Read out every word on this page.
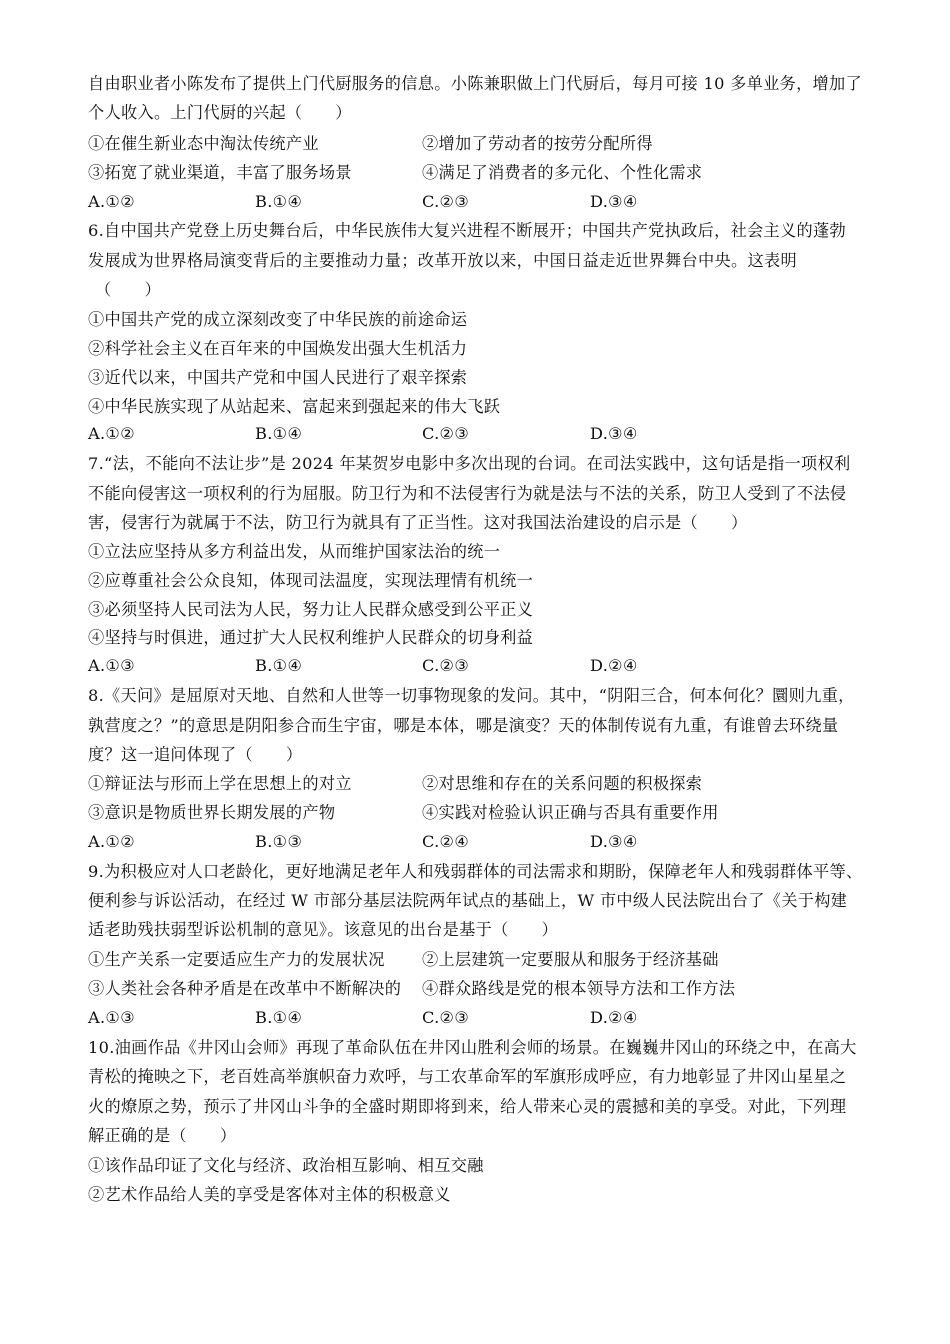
自由职业者小陈发布了提供上门代厨服务的信息。小陈兼职做上门代厨后，每月可接 10 多单业务，增加了
个人收入。上门代厨的兴起（　　）
①在催生新业态中淘汰传统产业	②增加了劳动者的按劳分配所得
③拓宽了就业渠道，丰富了服务场景	④满足了消费者的多元化、个性化需求
A.①②	B.①④	C.②③	D.③④
6.自中国共产党登上历史舞台后，中华民族伟大复兴进程不断展开；中国共产党执政后，社会主义的蓬勃
发展成为世界格局演变背后的主要推动力量；改革开放以来，中国日益走近世界舞台中央。这表明
（　　）
①中国共产党的成立深刻改变了中华民族的前途命运
②科学社会主义在百年来的中国焕发出强大生机活力
③近代以来，中国共产党和中国人民进行了艰辛探索
④中华民族实现了从站起来、富起来到强起来的伟大飞跃
A.①②	B.①④	C.②③	D.③④
7.“法，不能向不法让步”是 2024 年某贺岁电影中多次出现的台词。在司法实践中，这句话是指一项权利
不能向侵害这一项权利的行为屈服。防卫行为和不法侵害行为就是法与不法的关系，防卫人受到了不法侵
害，侵害行为就属于不法，防卫行为就具有了正当性。这对我国法治建设的启示是（　　）
①立法应坚持从多方利益出发，从而维护国家法治的统一
②应尊重社会公众良知，体现司法温度，实现法理情有机统一
③必须坚持人民司法为人民，努力让人民群众感受到公平正义
④坚持与时俱进，通过扩大人民权利维护人民群众的切身利益
A.①③	B.①④	C.②③	D.②④
8.《天问》是屈原对天地、自然和人世等一切事物现象的发问。其中，“阴阳三合，何本何化？圜则九重，
孰营度之？”的意思是阴阳参合而生宇宙，哪是本体，哪是演变？天的体制传说有九重，有谁曾去环绕量
度？这一追问体现了（　　）
①辩证法与形而上学在思想上的对立	②对思维和存在的关系问题的积极探索
③意识是物质世界长期发展的产物	④实践对检验认识正确与否具有重要作用
A.①②	B.①③	C.②④	D.③④
9.为积极应对人口老龄化，更好地满足老年人和残弱群体的司法需求和期盼，保障老年人和残弱群体平等、
便利参与诉讼活动，在经过 W 市部分基层法院两年试点的基础上，W 市中级人民法院出台了《关于构建
适老助残扶弱型诉讼机制的意见》。该意见的出台是基于（　　）
①生产关系一定要适应生产力的发展状况 ②上层建筑一定要服从和服务于经济基础
③人类社会各种矛盾是在改革中不断解决的 ④群众路线是党的根本领导方法和工作方法
A.①③	B.①④	C.②③	D.②④
10.油画作品《井冈山会师》再现了革命队伍在井冈山胜利会师的场景。在巍巍井冈山的环绕之中，在高大
青松的掩映之下，老百姓高举旗帜奋力欢呼，与工农革命军的军旗形成呼应，有力地彰显了井冈山星星之
火的燎原之势，预示了井冈山斗争的全盛时期即将到来，给人带来心灵的震撼和美的享受。对此，下列理
解正确的是（　　）
①该作品印证了文化与经济、政治相互影响、相互交融
②艺术作品给人美的享受是客体对主体的积极意义
